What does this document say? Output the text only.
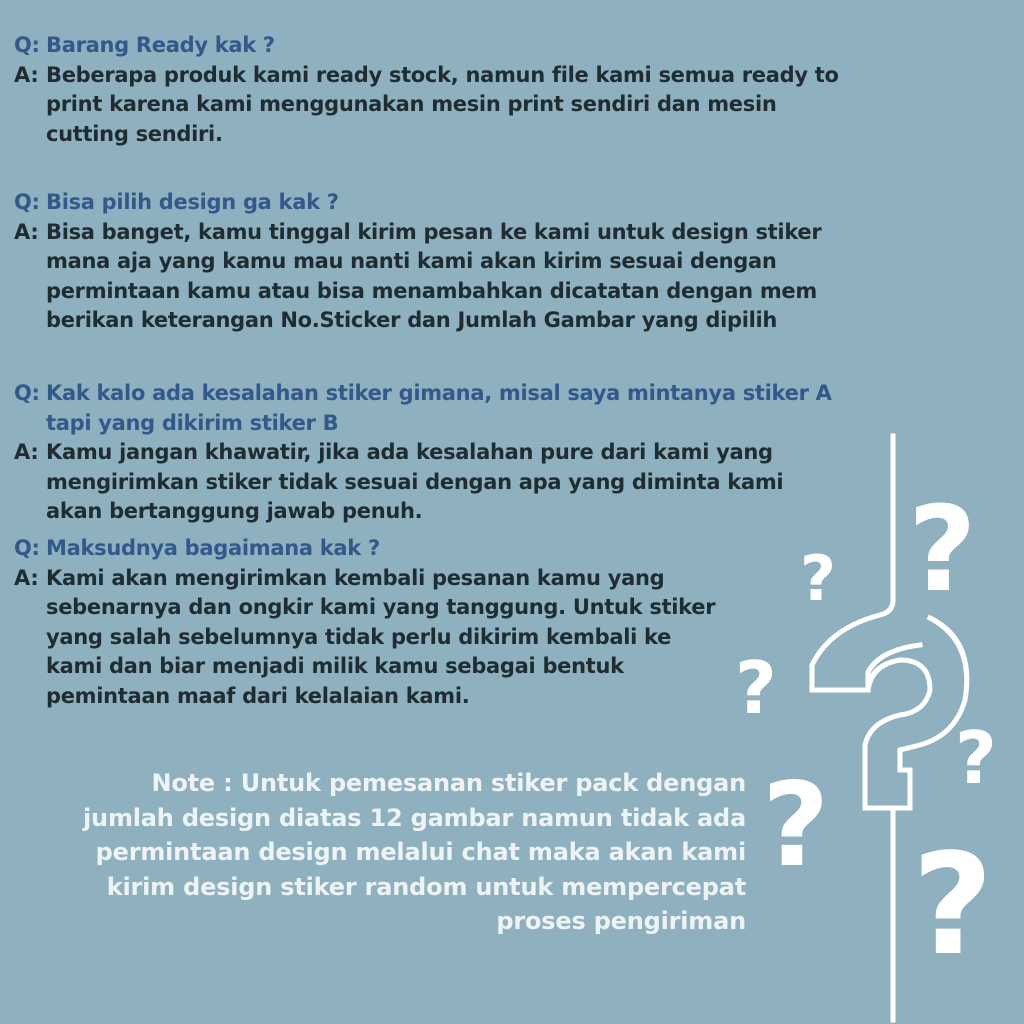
Q: Barang Ready kak ?
A: Beberapa produk kami ready stock, namun file kami semua ready to
print karena kami menggunakan mesin print sendiri dan mesin
cutting sendiri.
Q: Bisa pilih design ga kak ?
A: Bisa banget, kamu tinggal kirim pesan ke kami untuk design stiker
mana aja yang kamu mau nanti kami akan kirim sesuai dengan
permintaan kamu atau bisa menambahkan dicatatan dengan mem
berikan keterangan No.Sticker dan Jumlah Gambar yang dipilih
Q: Kak kalo ada kesalahan stiker gimana, misal saya mintanya stiker A
tapi yang dikirim stiker B
A: Kamu jangan khawatir, jika ada kesalahan pure dari kami yang
mengirimkan stiker tidak sesuai dengan apa yang diminta kami
akan bertanggung jawab penuh.
Q: Maksudnya bagaimana kak ?
A: Kami akan mengirimkan kembali pesanan kamu yang
sebenarnya dan ongkir kami yang tanggung. Untuk stiker
yang salah sebelumnya tidak perlu dikirim kembali ke
kami dan biar menjadi milik kamu sebagai bentuk
pemintaan maaf dari kelalaian kami.
Note : Untuk pemesanan stiker pack dengan
jumlah design diatas 12 gambar namun tidak ada
permintaan design melalui chat maka akan kami
kirim design stiker random untuk mempercepat
proses pengiriman
?
?
?
?
? ?
